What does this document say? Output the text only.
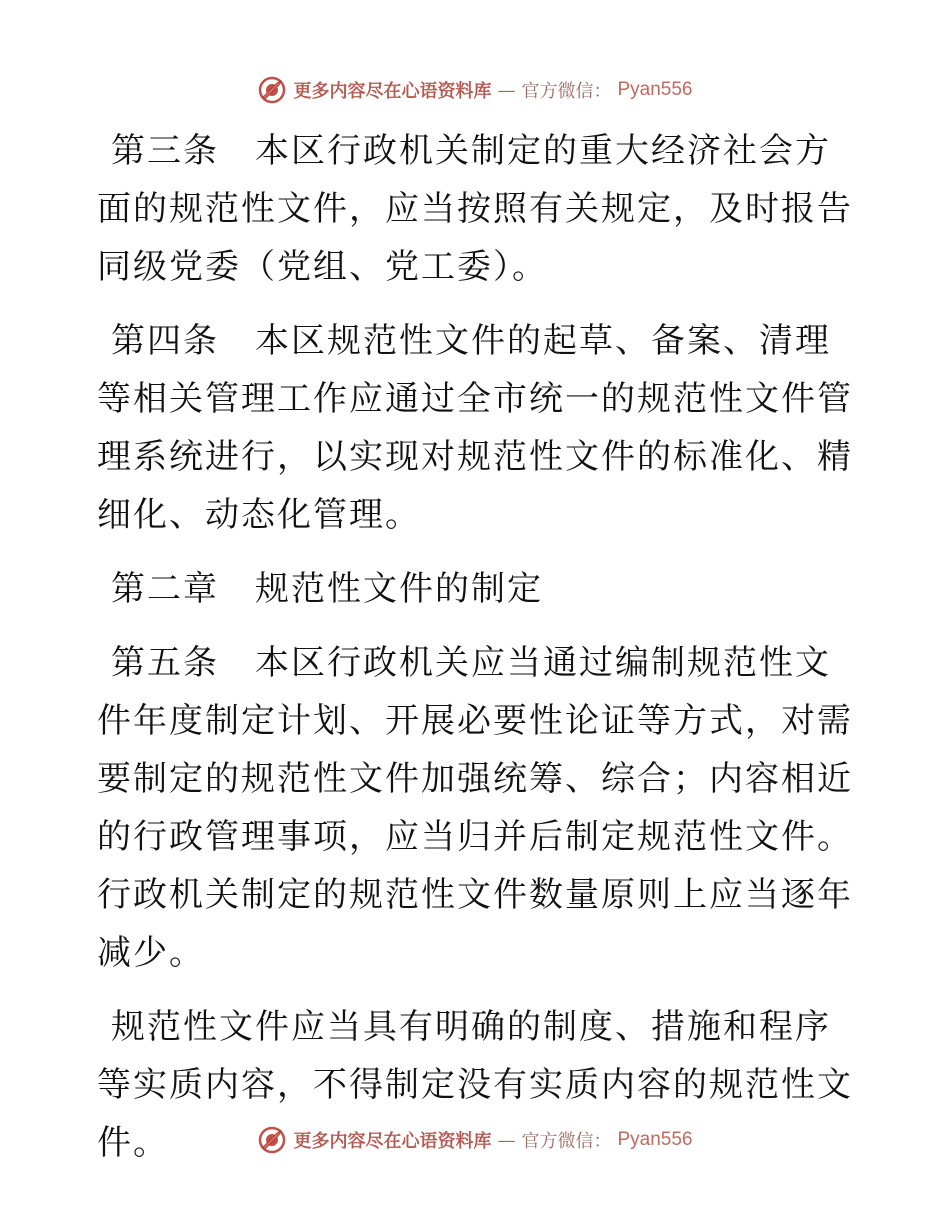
更多内容尽在心语资料库 — 官方微信： Pyan556

第三条 本区行政机关制定的重大经济社会方面的规范性文件，应当按照有关规定，及时报告同级党委（党组、党工委）。

第四条 本区规范性文件的起草、备案、清理等相关管理工作应通过全市统一的规范性文件管理系统进行，以实现对规范性文件的标准化、精细化、动态化管理。

第二章 规范性文件的制定

第五条 本区行政机关应当通过编制规范性文件年度制定计划、开展必要性论证等方式，对需要制定的规范性文件加强统筹、综合；内容相近的行政管理事项，应当归并后制定规范性文件。行政机关制定的规范性文件数量原则上应当逐年减少。

规范性文件应当具有明确的制度、措施和程序等实质内容，不得制定没有实质内容的规范性文件。	更多内容尽在心语资料库 — 官方微信： Pyan556
